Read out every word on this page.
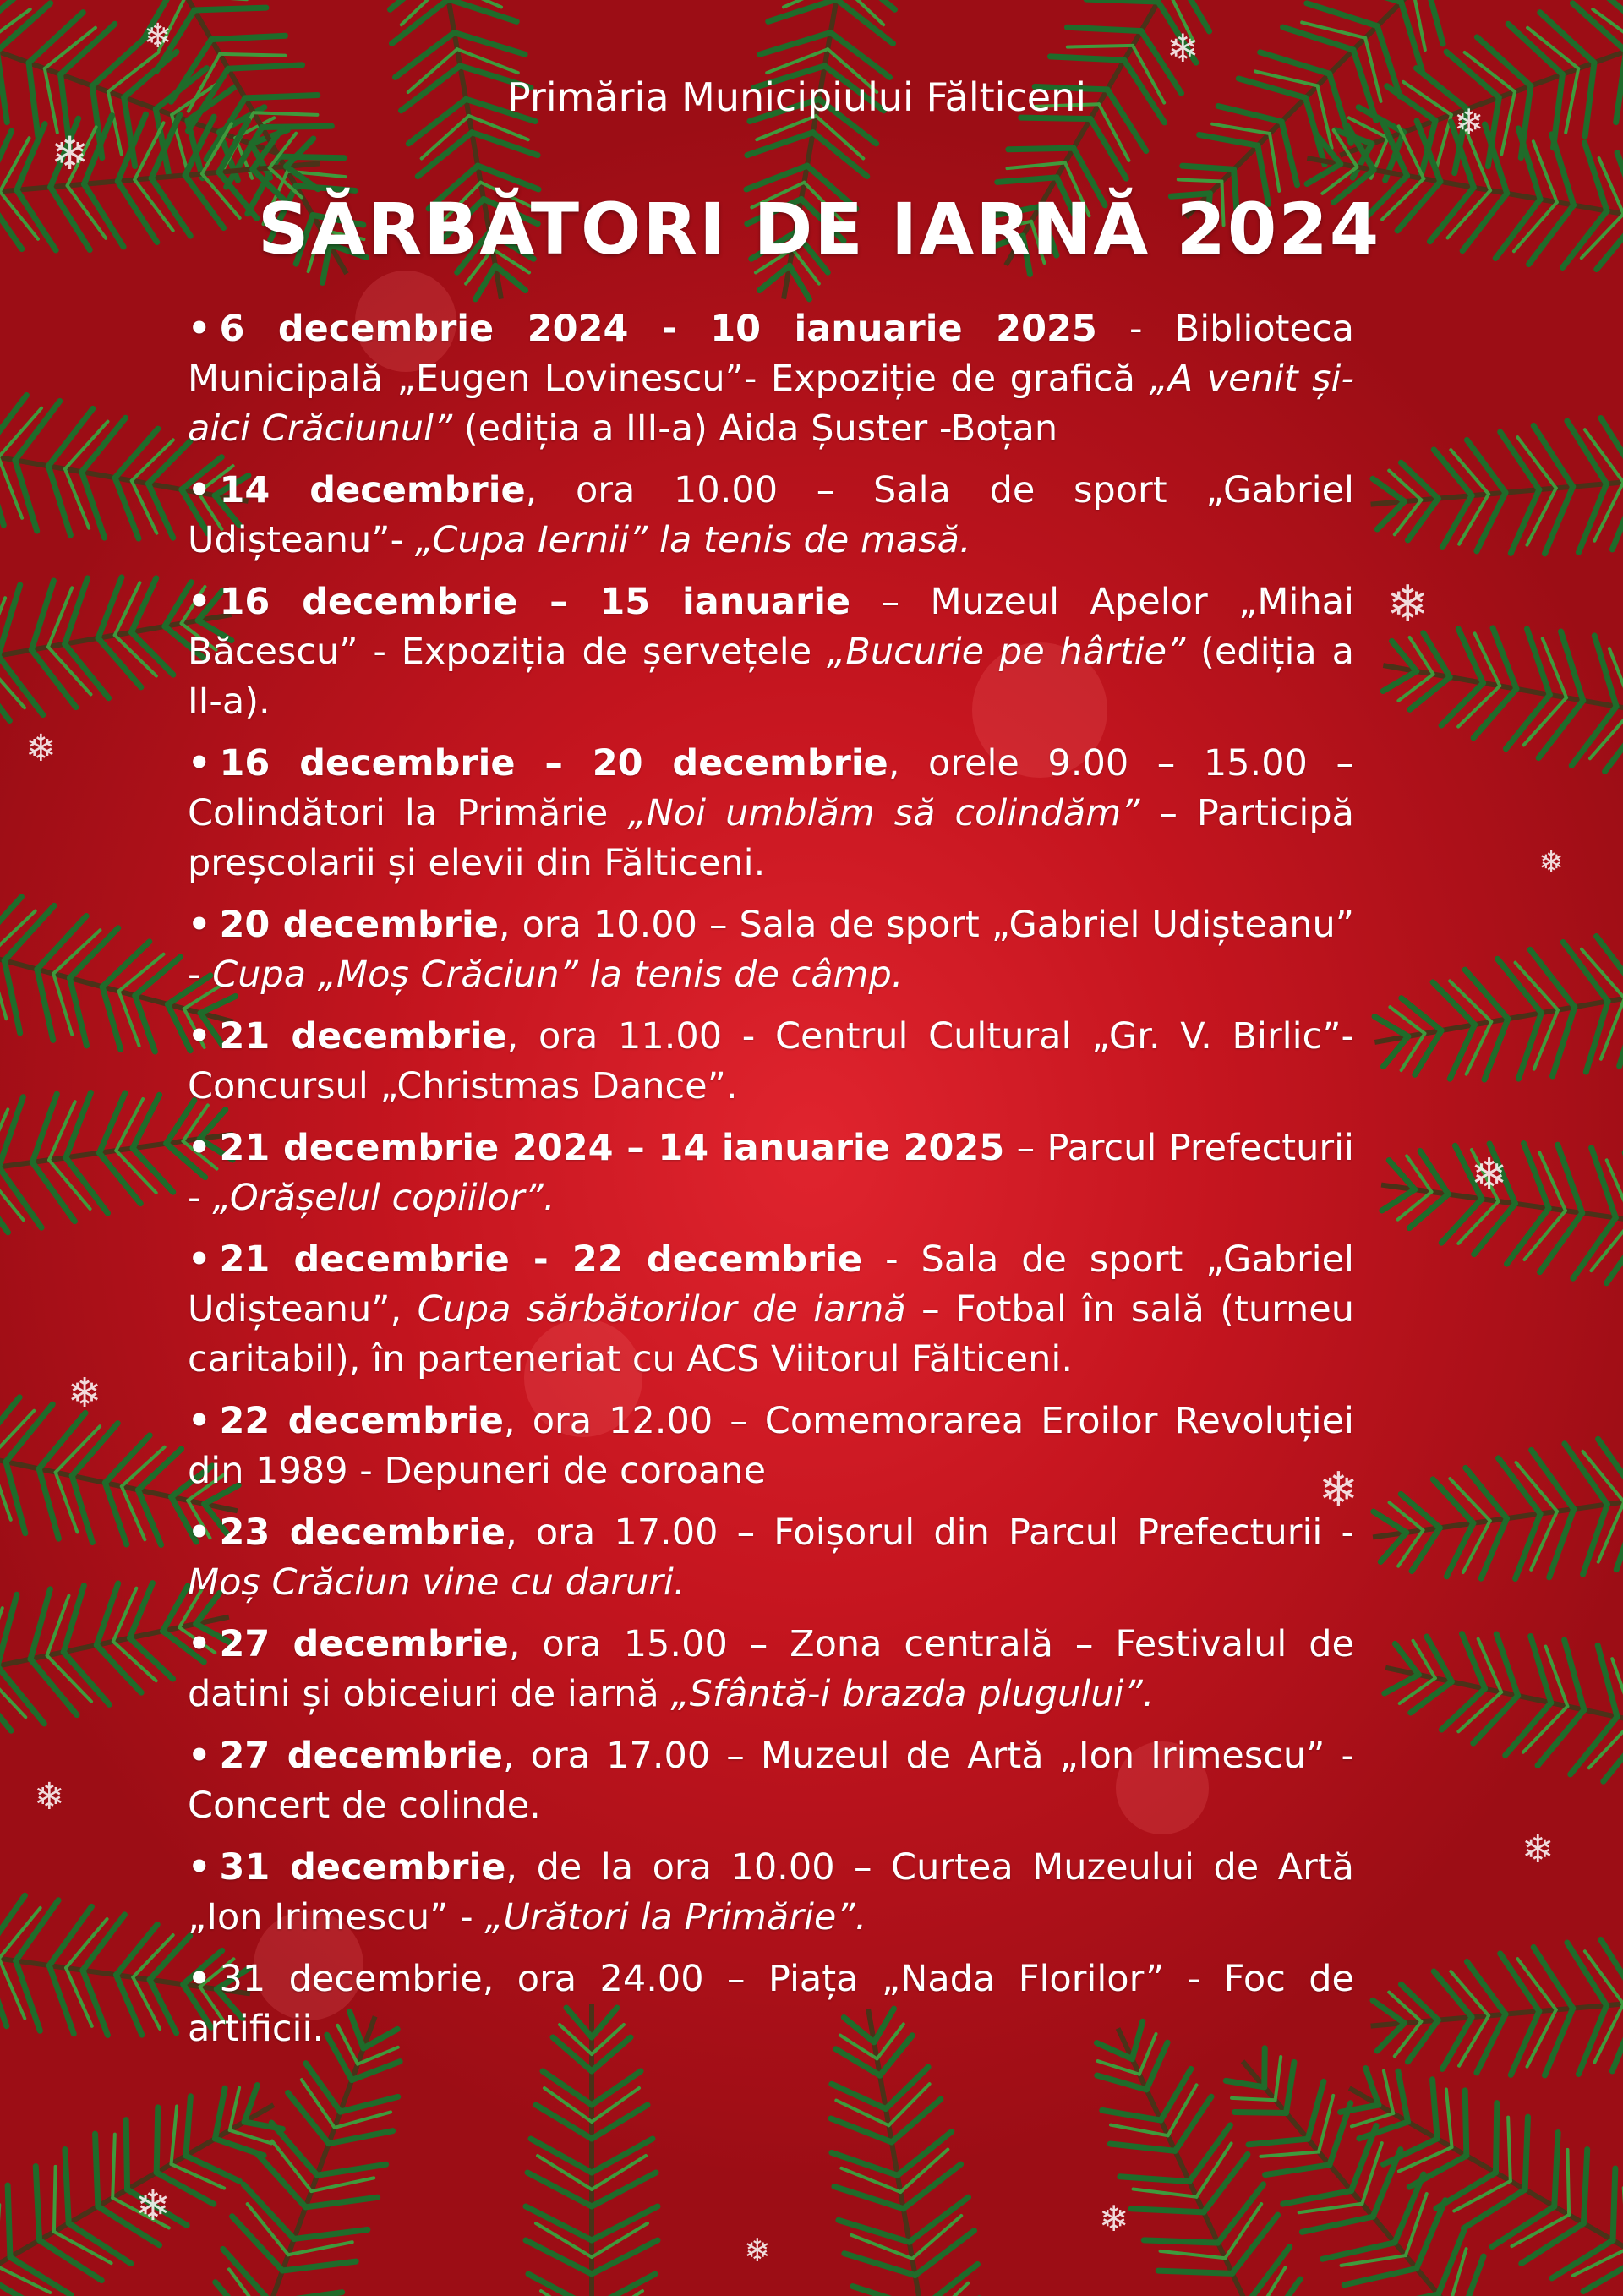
❄
❄	❄
❄
❄
❄
❄
❄
❄
❄
❄
❄	❄
❄
❄
Primăria Municipiului Fălticeni
SĂRBĂTORI DE IARNĂ 2024
• 6 decembrie 2024 - 10 ianuarie 2025 - Biblioteca Municipală „Eugen Lovinescu”- Expoziție de grafică „A venit și-aici Crăciunul” (ediția a III-a) Aida Șuster -Boțan
• 14 decembrie, ora 10.00 – Sala de sport „Gabriel Udișteanu”- „Cupa Iernii” la tenis de masă.
• 16 decembrie – 15 ianuarie – Muzeul Apelor „Mihai Băcescu” - Expoziția de șervețele „Bucurie pe hârtie” (ediția a II-a).
• 16 decembrie – 20 decembrie, orele 9.00 – 15.00 – Colindători la Primărie „Noi umblăm să colindăm” – Participă preșcolarii și elevii din Fălticeni.
• 20 decembrie, ora 10.00 – Sala de sport „Gabriel Udișteanu” - Cupa „Moș Crăciun” la tenis de câmp.
• 21 decembrie, ora 11.00 - Centrul Cultural „Gr. V. Birlic”- Concursul „Christmas Dance”.
• 21 decembrie 2024 – 14 ianuarie 2025 – Parcul Prefecturii - „Orășelul copiilor”.
• 21 decembrie - 22 decembrie - Sala de sport „Gabriel Udișteanu”, Cupa sărbătorilor de iarnă – Fotbal în sală (turneu caritabil), în parteneriat cu ACS Viitorul Fălticeni.
• 22 decembrie, ora 12.00 – Comemorarea Eroilor Revoluției din 1989 - Depuneri de coroane
• 23 decembrie, ora 17.00 – Foișorul din Parcul Prefecturii - Moș Crăciun vine cu daruri.
• 27 decembrie, ora 15.00 – Zona centrală – Festivalul de datini și obiceiuri de iarnă „Sfântă-i brazda plugului”.
• 27 decembrie, ora 17.00 – Muzeul de Artă „Ion Irimescu” - Concert de colinde.
• 31 decembrie, de la ora 10.00 – Curtea Muzeului de Artă „Ion Irimescu” - „Urători la Primărie”.
• 31 decembrie, ora 24.00 – Piața „Nada Florilor” - Foc de artificii.
